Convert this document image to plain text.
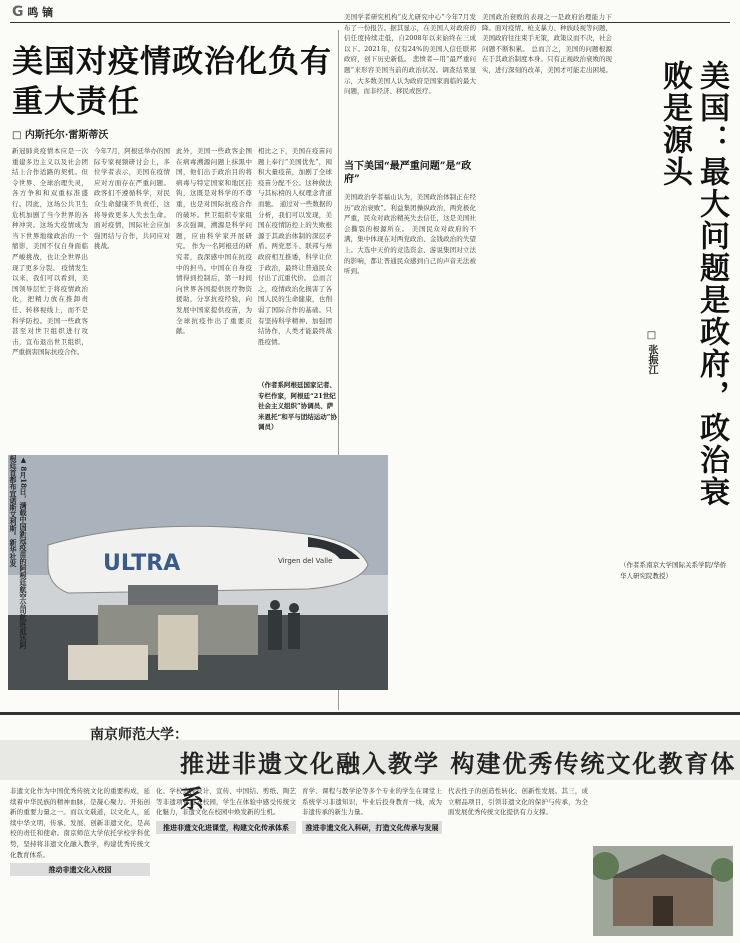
G 鸣 镝
美国对疫情政治化负有
重大责任
□ 内斯托尔·雷斯蒂沃
新冠肺炎疫情本应是一次重建多边主义以及社会团结上合作适路的契机。但令世界、全球治理失灵，各方争和和双重标准盛行。因此，这场公共卫生危机加剧了当今世界的各种冲突。这场大疫情成为当下世界地缘政治的一个缩影，美国不仅自身面临严峻挑战，也让全世界出现了更多分裂。 疫情发生以来，我们可以看到，美国领导层忙于将疫情政治化，把精力放在推卸责任、转移视线上，而不是科学防控。美国一些政客甚至对世卫组织进行攻击，宣布退出世卫组织，严重损害国际抗疫合作。
今年7月，阿根廷举办的国际专家视频研讨会上，多位学者表示，美国在疫情应对方面存在严重问题。政客们不遵循科学，对民众生命健康不负责任，这将导致更多人失去生命。面对疫情，国际社会应加强团结与合作，共同应对挑战。
此外，美国一些政客企图在病毒溯源问题上抹黑中国，他们出于政治目的将病毒与特定国家和地区挂钩，这既是对科学的不尊重，也是对国际抗疫合作的破坏。世卫组织专家组多次强调，溯源是科学问题，应由科学家开展研究。 作为一名阿根廷的研究者，我深感中国在抗疫中的担当。中国在自身疫情得到控制后，第一时间向世界各国提供医疗物资援助，分享抗疫经验，向发展中国家提供疫苗，为全球抗疫作出了重要贡献。
相比之下，美国在疫苗问题上奉行“美国优先”，囤积大量疫苗，加剧了全球疫苗分配不公。这种做法与其标榜的人权理念背道而驰。 通过对一些数据的分析，我们可以发现，美国在疫情防控上的失败根源于其政治体制的深层矛盾。两党恶斗、联邦与州政府相互推诿，科学让位于政治，最终让普通民众付出了沉重代价。 总而言之，疫情政治化损害了各国人民的生命健康，也削弱了国际合作的基础。只有坚持科学精神、加强团结协作，人类才能最终战胜疫情。
（作者系阿根廷国家记者、专栏作家，阿根廷“21世纪社会主义组织”协调员、萨米恩托“和平与团结运动”协调员）
美国学者研究机构“皮尤研究中心”今年7月发布了一份报告。据其显示，在美国人对政府的信任度持续走低，自2008年以来始终在三成以下。2021年，仅有24%的美国人信任联邦政府，创下历史新低。 悲愤者—用“最严重问题”来形容美国当前的政治状况。调查结果显示，大多数美国人认为政府是国家面临的最大问题，而非经济、移民或医疗。
当下美国“最严重问题”是“政府”
美国政治学者福山认为，美国政治体制正在经历“政治衰败”。利益集团操纵政治，两党极化严重，民众对政治精英失去信任，这是美国社会撕裂的根源所在。 美国民众对政府的不满，集中体现在对两党政治、金钱政治的失望上。大选中天价的竞选资金、游说集团对立法的影响，都让普通民众感到自己的声音无法被听到。
美国政治衰败的表现之一是政府治理能力下降。面对疫情、枪支暴力、种族歧视等问题，美国政府往往束手无策，政策议而不决，社会问题不断积累。 总而言之，美国的问题根源在于其政治制度本身。只有正视政治衰败的现实，进行深刻的改革，美国才可能走出困境。	美国：最大问题是政府，政治衰败是源头
□ 张振江
ULTRA	Virgen del Valle
▲ 8月18日，满载中国新冠疫苗的阿根廷航空公司航班抵达阿根廷首都布宜诺斯艾利斯。新华社发	（作者系南京大学国际关系学院/华侨华人研究院教授）
南京师范大学：
推进非遗文化融入教学 构建优秀传统文化教育体系
非遗文化作为中国优秀传统文化的重要构成，延续着中华民族的精神血脉，是凝心聚力、开拓创新的重要力量之一。而以文载道，以文化人，延续中华文明，传承、发展、创新非遗文化，是高校的责任和使命。南京师范大学依托学校学科优势，坚持将非遗文化融入教学，构建优秀传统文化教育体系。
推动非遗文化入校园
化、学校选择设计，宣传、中国结、剪纸、陶艺等非遗项目进入校园，学生在体验中感受传统文化魅力，非遗文化在校园中焕发新的生机。
推进非遗文化进课堂，构建文化传承体系
育学、课程与教学论等多个专业的学生在课堂上系统学习非遗知识，毕业后投身教育一线，成为非遗传承的新生力量。
推进非遗文化入科研，打造文化传承与发展
代表性子的创造性转化、创新性发展。其三，成立精品项目，引领非遗文化的保护与传承，为全面发展优秀传统文化提供有力支撑。
